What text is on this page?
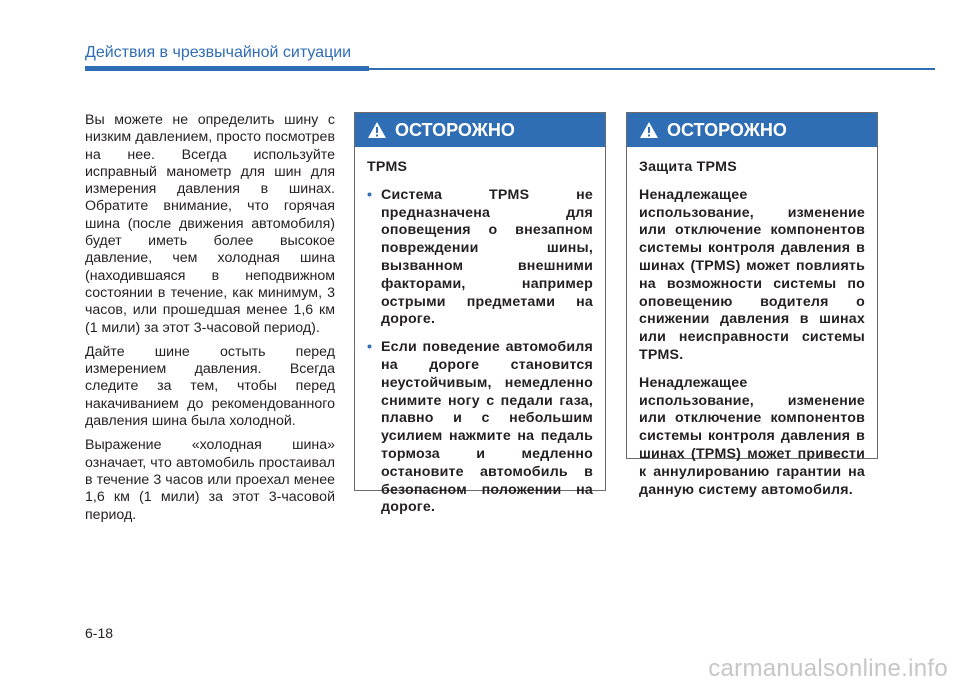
Действия в чрезвычайной ситуации

Вы можете не определить шину с низким давлением, просто посмотрев на нее. Всегда используйте исправный манометр для шин для измерения давления в шинах. Обратите внимание, что горячая шина (после движения автомобиля) будет иметь более высокое давление, чем холодная шина (находившаяся в неподвижном состоянии в течение, как минимум, 3 часов, или прошедшая менее 1,6 км (1 мили) за этот 3-часовой период).

Дайте шине остыть перед измерением давления. Всегда следите за тем, чтобы перед накачиванием до рекомендованного давления шина была холодной.

Выражение «холодная шина» означает, что автомобиль простаивал в течение 3 часов или проехал менее 1,6 км (1 мили) за этот 3-часовой период.

ОСТОРОЖНО
TPMS
• Система TPMS не предназначена для оповещения о внезапном повреждении шины, вызванном внешними факторами, например острыми предметами на дороге.
• Если поведение автомобиля на дороге становится неустойчивым, немедленно снимите ногу с педали газа, плавно и с небольшим усилием нажмите на педаль тормоза и медленно остановите автомобиль в безопасном положении на дороге.
ОСТОРОЖНО
Защита TPMS

Ненадлежащее использование, изменение или отключение компонентов системы контроля давления в шинах (TPMS) может повлиять на возможности системы по оповещению водителя о снижении давления в шинах или неисправности системы TPMS.

Ненадлежащее использование, изменение или отключение компонентов системы контроля давления в шинах (TPMS) может привести к аннулированию гарантии на данную систему автомобиля.

6-18
carmanualsonline.info
